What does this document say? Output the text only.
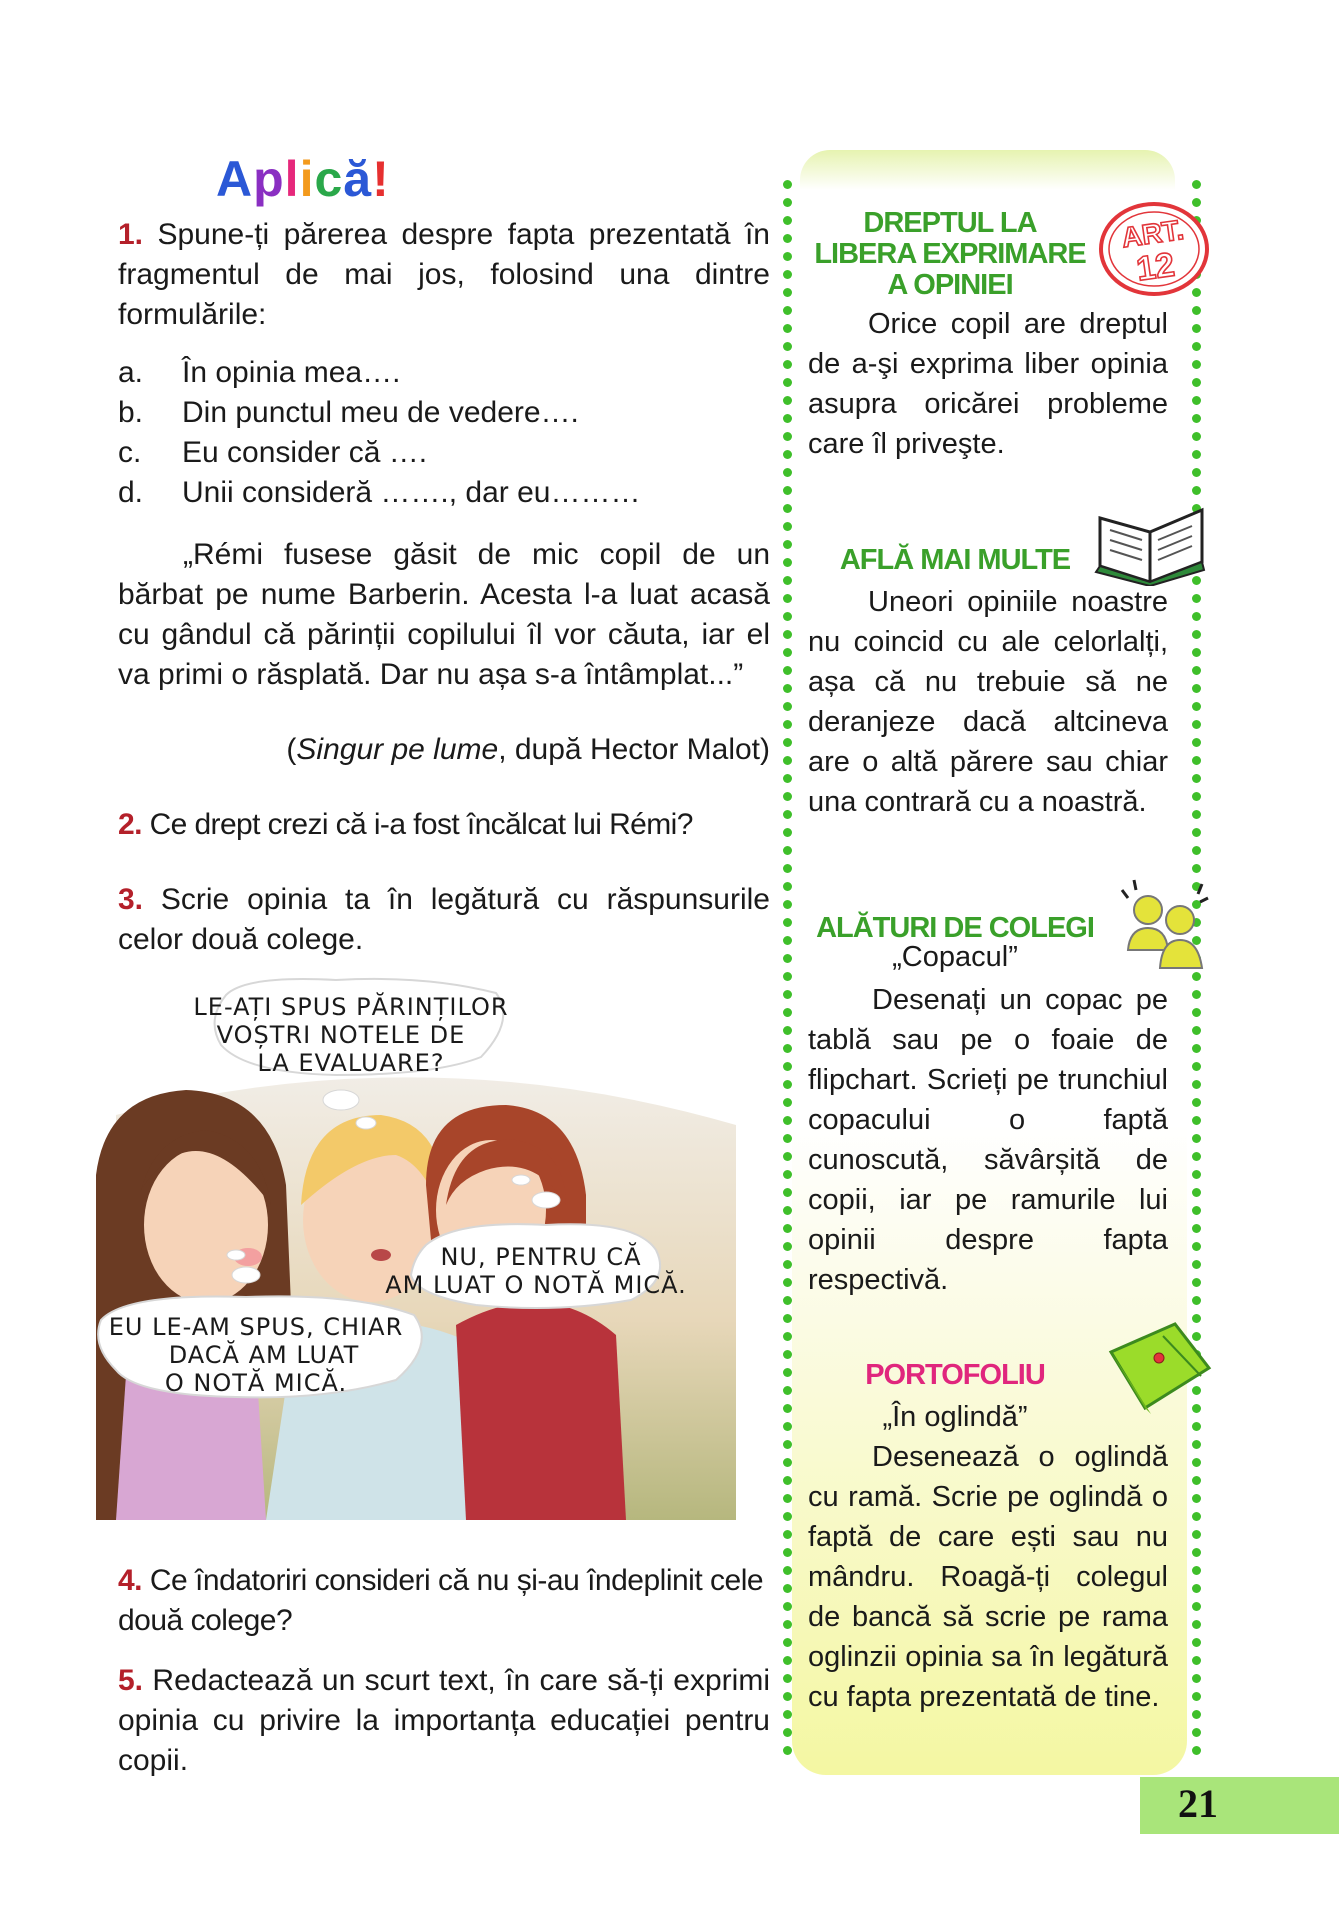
Aplică!
1. Spune-ți părerea despre fapta prezentată în fragmentul de mai jos, folosind una dintre formulările:
a.	În opinia mea….
b.	Din punctul meu de vedere….
c.	Eu consider că ….
d.	Unii consideră ……., dar eu………
„Rémi fusese găsit de mic copil de un bărbat pe nume Barberin. Acesta l-a luat acasă cu gândul că părinții copilului îl vor căuta, iar el va primi o răsplată. Dar nu așa s-a întâmplat...”
(Singur pe lume, după Hector Malot)
2. Ce drept crezi că i-a fost încălcat lui Rémi?
3. Scrie opinia ta în legătură cu răspunsurile celor două colege.
LE-AȚI SPUS PĂRINȚILOR
VOȘTRI NOTELE DE
LA EVALUARE?
NU, PENTRU CĂ
AM LUAT O NOTĂ MICĂ.
EU LE-AM SPUS, CHIAR
DACĂ AM LUAT
O NOTĂ MICĂ.
4. Ce îndatoriri consideri că nu și-au îndeplinit cele două colege?
5. Redactează un scurt text, în care să-ți exprimi opinia cu privire la importanța educației pentru copii.
DREPTUL LA
LIBERA EXPRIMARE
A OPINIEI
ART.
12
Orice copil are dreptul de a-şi exprima liber opinia asupra oricărei probleme care îl priveşte.
AFLĂ MAI MULTE
Uneori opiniile noastre nu coincid cu ale celorlalți, așa că nu trebuie să ne deranjeze dacă altcineva are o altă părere sau chiar una contrară cu a noastră.
ALĂTURI DE COLEGI
„Copacul”
Desenați un copac pe tablă sau pe o foaie de flipchart. Scrieți pe trunchiul copacului o faptă cunoscută, săvârșită de copii, iar pe ramurile lui opinii despre fapta respectivă.
PORTOFOLIU
„În oglindă”
Desenează o oglindă cu ramă. Scrie pe oglindă o faptă de care ești sau nu mândru. Roagă-ți colegul de bancă să scrie pe rama oglinzii opinia sa în legătură cu fapta prezentată de tine.
21
